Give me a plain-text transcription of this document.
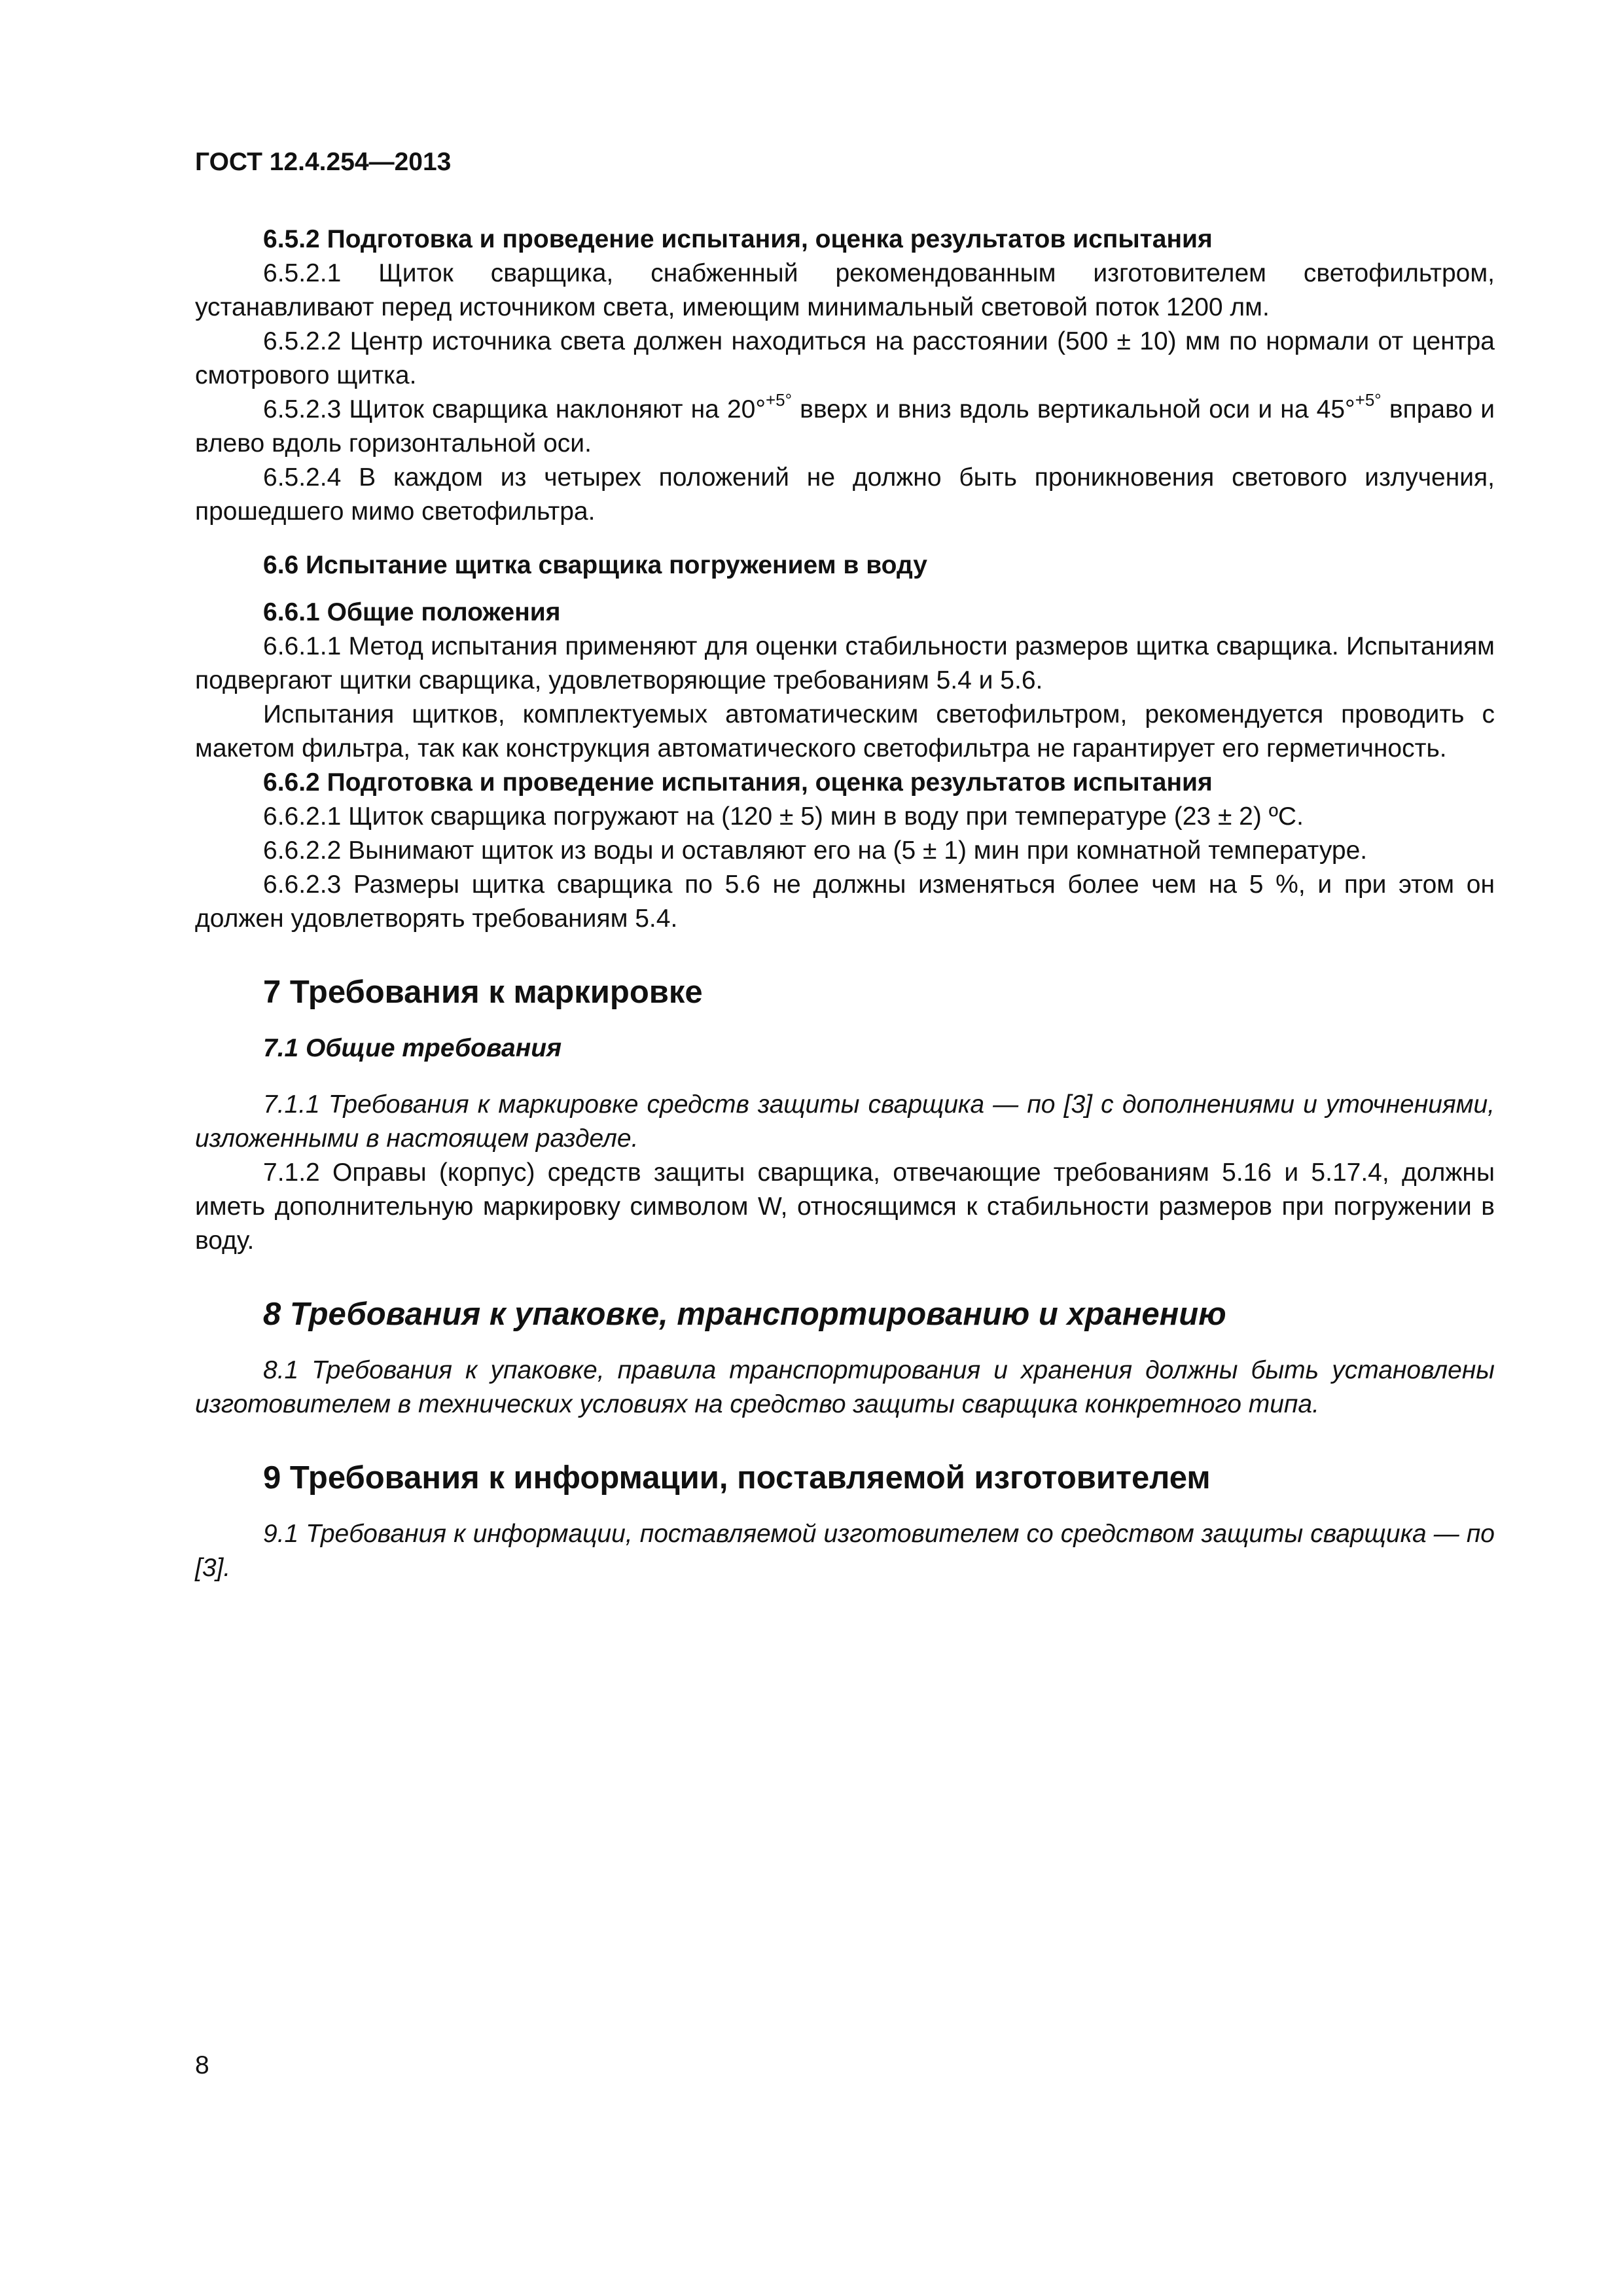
ГОСТ 12.4.254—2013
6.5.2 Подготовка и проведение испытания, оценка результатов испытания

6.5.2.1 Щиток сварщика, снабженный рекомендованным изготовителем светофильтром, устанавливают перед источником света, имеющим минимальный световой поток 1200 лм.

6.5.2.2 Центр источника света должен находиться на расстоянии (500 ± 10) мм по нормали от центра смотрового щитка.

6.5.2.3 Щиток сварщика наклоняют на 20°$^{+5^\circ}$ вверх и вниз вдоль вертикальной оси и на 45°$^{+5^\circ}$ вправо и влево вдоль горизонтальной оси.

6.5.2.4 В каждом из четырех положений не должно быть проникновения светового излучения, прошедшего мимо светофильтра.

6.6 Испытание щитка сварщика погружением в воду
6.6.1 Общие положения

6.6.1.1 Метод испытания применяют для оценки стабильности размеров щитка сварщика. Испытаниям подвергают щитки сварщика, удовлетворяющие требованиям 5.4 и 5.6.

Испытания щитков, комплектуемых автоматическим светофильтром, рекомендуется проводить с макетом фильтра, так как конструкция автоматического светофильтра не гарантирует его герметичность.

6.6.2 Подготовка и проведение испытания, оценка результатов испытания

6.6.2.1 Щиток сварщика погружают на (120 ± 5) мин в воду при температуре (23 ± 2) ºС.

6.6.2.2 Вынимают щиток из воды и оставляют его на (5 ± 1) мин при комнатной температуре.

6.6.2.3 Размеры щитка сварщика по 5.6 не должны изменяться более чем на 5 %, и при этом он должен удовлетворять требованиям 5.4.

7 Требования к маркировке
7.1 Общие требования

7.1.1 Требования к маркировке средств защиты сварщика — по [3] с дополнениями и уточнениями, изложенными в настоящем разделе.

7.1.2 Оправы (корпус) средств защиты сварщика, отвечающие требованиям 5.16 и 5.17.4, должны иметь дополнительную маркировку символом W, относящимся к стабильности размеров при погружении в воду.

8 Требования к упаковке, транспортированию и хранению

8.1 Требования к упаковке, правила транспортирования и хранения должны быть установлены изготовителем в технических условиях на средство защиты сварщика конкретного типа.

9 Требования к информации, поставляемой изготовителем

9.1 Требования к информации, поставляемой изготовителем со средством защиты сварщика — по [3].

8
